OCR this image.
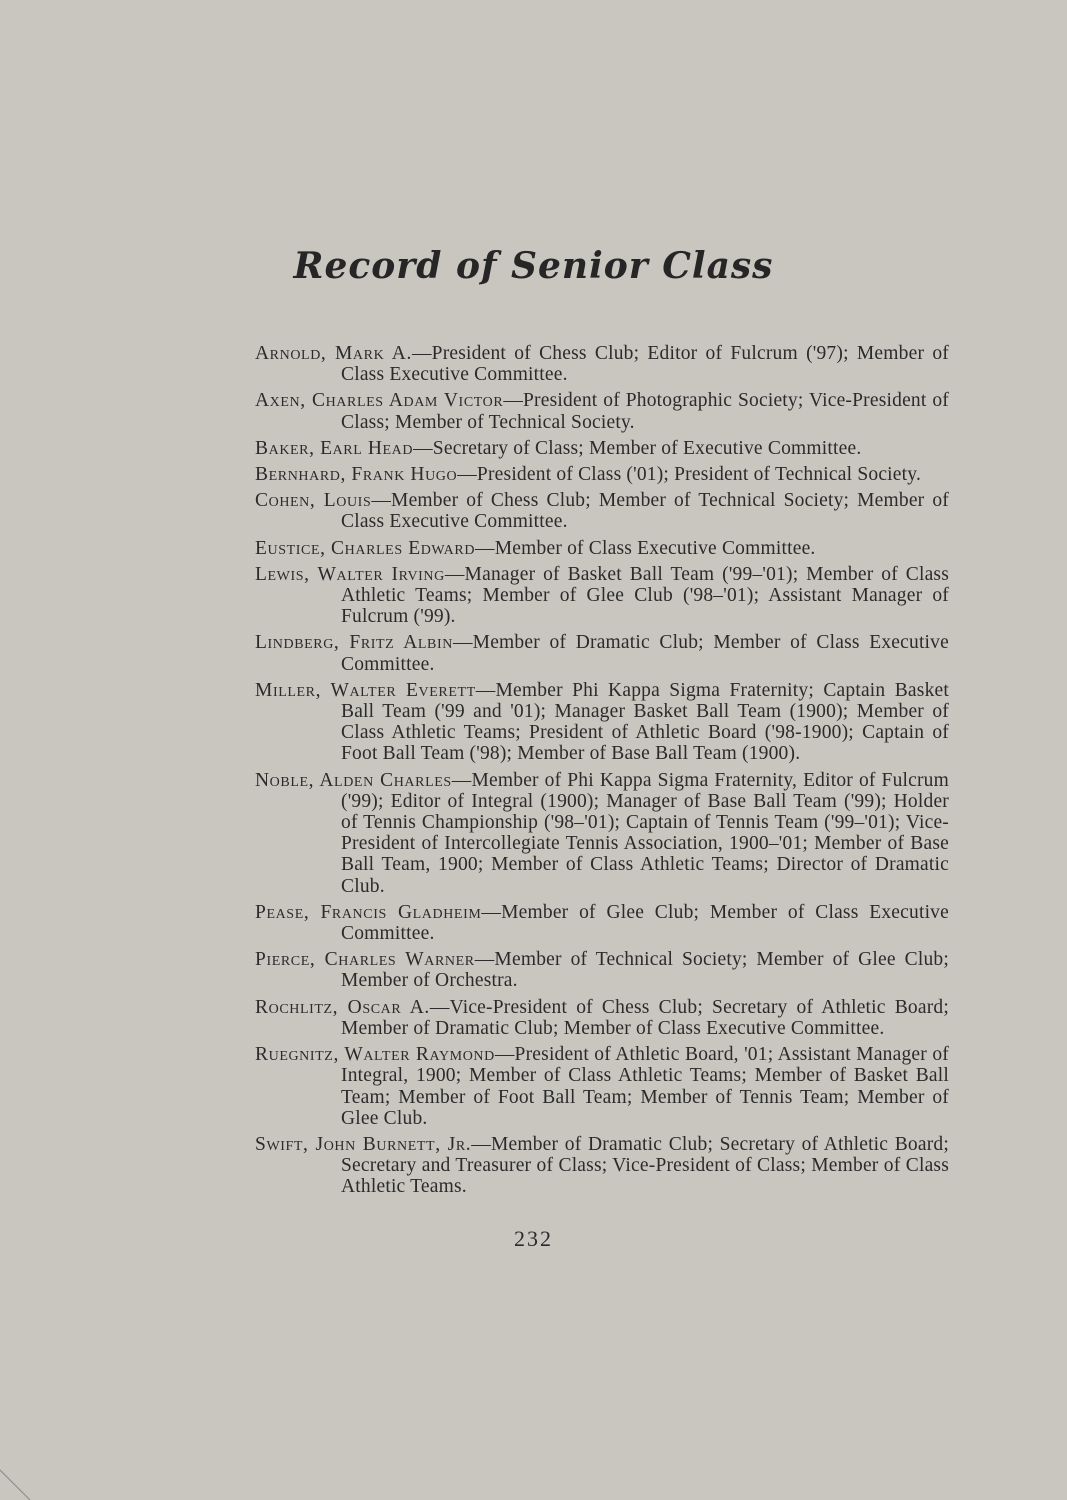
Record of Senior Class
Arnold, Mark A.—President of Chess Club; Editor of Fulcrum ('97); Member of Class Executive Committee.
Axen, Charles Adam Victor—President of Photographic Society; Vice-President of Class; Member of Technical Society.
Baker, Earl Head—Secretary of Class; Member of Executive Committee.
Bernhard, Frank Hugo—President of Class ('01); President of Technical Society.
Cohen, Louis—Member of Chess Club; Member of Technical Society; Member of Class Executive Committee.
Eustice, Charles Edward—Member of Class Executive Committee.
Lewis, Walter Irving—Manager of Basket Ball Team ('99–'01); Member of Class Athletic Teams; Member of Glee Club ('98–'01); Assistant Manager of Fulcrum ('99).
Lindberg, Fritz Albin—Member of Dramatic Club; Member of Class Executive Committee.
Miller, Walter Everett—Member Phi Kappa Sigma Fraternity; Captain Basket Ball Team ('99 and '01); Manager Basket Ball Team (1900); Member of Class Athletic Teams; President of Athletic Board ('98-1900); Captain of Foot Ball Team ('98); Member of Base Ball Team (1900).
Noble, Alden Charles—Member of Phi Kappa Sigma Fraternity, Editor of Fulcrum ('99); Editor of Integral (1900); Manager of Base Ball Team ('99); Holder of Tennis Championship ('98–'01); Captain of Tennis Team ('99–'01); Vice-President of Intercollegiate Tennis Association, 1900–'01; Member of Base Ball Team, 1900; Member of Class Athletic Teams; Director of Dramatic Club.
Pease, Francis Gladheim—Member of Glee Club; Member of Class Executive Committee.
Pierce, Charles Warner—Member of Technical Society; Member of Glee Club; Member of Orchestra.
Rochlitz, Oscar A.—Vice-President of Chess Club; Secretary of Athletic Board; Member of Dramatic Club; Member of Class Executive Committee.
Ruegnitz, Walter Raymond—President of Athletic Board, '01; Assistant Manager of Integral, 1900; Member of Class Athletic Teams; Member of Basket Ball Team; Member of Foot Ball Team; Member of Tennis Team; Member of Glee Club.
Swift, John Burnett, Jr.—Member of Dramatic Club; Secretary of Athletic Board; Secretary and Treasurer of Class; Vice-President of Class; Member of Class Athletic Teams.
232
